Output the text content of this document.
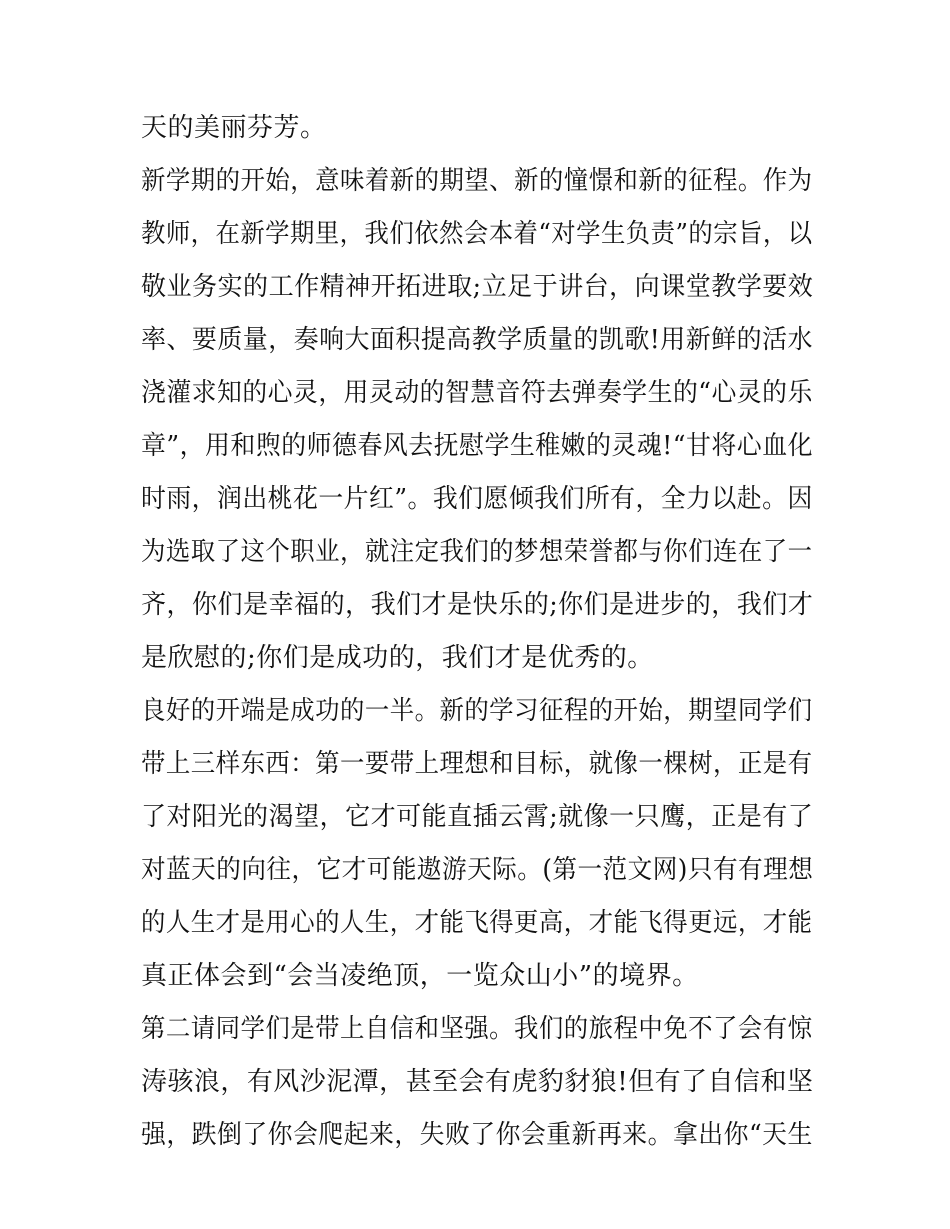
天的美丽芬芳。
新学期的开始，意味着新的期望、新的憧憬和新的征程。作为
教师，在新学期里，我们依然会本着“对学生负责”的宗旨，以
敬业务实的工作精神开拓进取;立足于讲台，向课堂教学要效
率、要质量，奏响大面积提高教学质量的凯歌!用新鲜的活水
浇灌求知的心灵，用灵动的智慧音符去弹奏学生的“心灵的乐
章”，用和煦的师德春风去抚慰学生稚嫩的灵魂!“甘将心血化
时雨，润出桃花一片红”。我们愿倾我们所有，全力以赴。因
为选取了这个职业，就注定我们的梦想荣誉都与你们连在了一
齐，你们是幸福的，我们才是快乐的;你们是进步的，我们才
是欣慰的;你们是成功的，我们才是优秀的。
良好的开端是成功的一半。新的学习征程的开始，期望同学们
带上三样东西：第一要带上理想和目标，就像一棵树，正是有
了对阳光的渴望，它才可能直插云霄;就像一只鹰，正是有了
对蓝天的向往，它才可能遨游天际。(第一范文网)只有有理想
的人生才是用心的人生，才能飞得更高，才能飞得更远，才能
真正体会到“会当凌绝顶，一览众山小”的境界。
第二请同学们是带上自信和坚强。我们的旅程中免不了会有惊
涛骇浪，有风沙泥潭，甚至会有虎豹豺狼!但有了自信和坚
强，跌倒了你会爬起来，失败了你会重新再来。拿出你“天生
